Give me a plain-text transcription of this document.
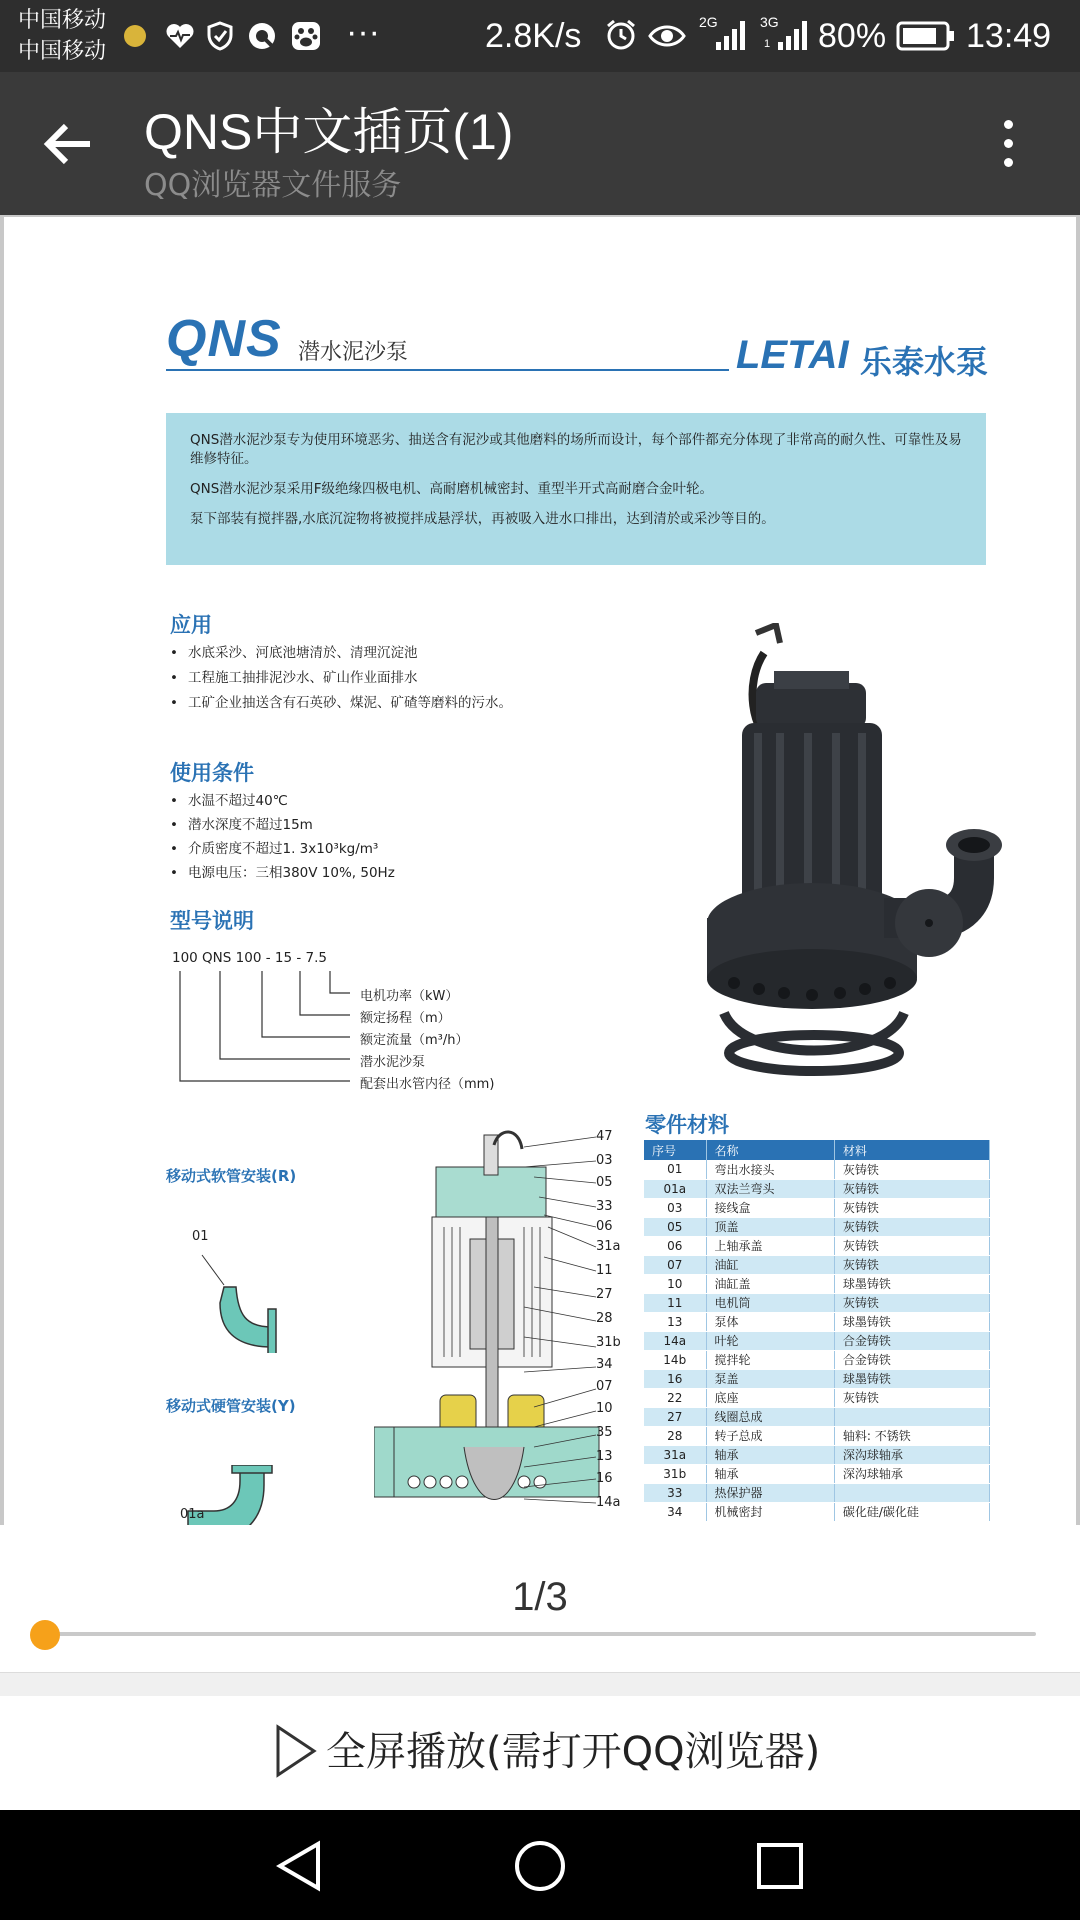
中国移动
中国移动
···	2.8K/s	2G	3G
1 80% 13:49
QNS中文插页(1)
QQ浏览器文件服务
QNS 潜水泥沙泵	LETAI 乐泰水泵

QNS潜水泥沙泵专为使用环境恶劣、抽送含有泥沙或其他磨料的场所而设计，每个部件都充分体现了非常高的耐久性、可靠性及易维修特征。

QNS潜水泥沙泵采用F级绝缘四极电机、高耐磨机械密封、重型半开式高耐磨合金叶轮。

泵下部装有搅拌器,水底沉淀物将被搅拌成悬浮状，再被吸入进水口排出，达到清於或采沙等目的。

应用
• 水底采沙、河底池塘清於、清理沉淀池
• 工程施工抽排泥沙水、矿山作业面排水
• 工矿企业抽送含有石英砂、煤泥、矿碴等磨料的污水。
使用条件
• 水温不超过40℃
• 潜水深度不超过15m
• 介质密度不超过1. 3x10³kg/m³
• 电源电压：三相380V 10%, 50Hz
型号说明
100 QNS 100 - 15 - 7.5
电机功率（kW）
额定扬程（m）
额定流量（m³/h）
潜水泥沙泵
配套出水管内径（mm)
移动式软管安装(R)
01
移动式硬管安装(Y)
01a
47
03
05
33
06
31a
11
27
28
31b
34
07
10
35
13
16
14a
零件材料
序号	名称	材料
01	弯出水接头	灰铸铁
01a	双法兰弯头	灰铸铁
03	接线盒	灰铸铁
05	顶盖	灰铸铁
06	上轴承盖	灰铸铁
07	油缸	灰铸铁
10	油缸盖	球墨铸铁
11	电机筒	灰铸铁
13	泵体	球墨铸铁
14a	叶轮	合金铸铁
14b	搅拌轮	合金铸铁
16	泵盖	球墨铸铁
22	底座	灰铸铁
27	线圈总成	
28	转子总成	轴料: 不锈铁
31a	轴承	深沟球轴承
31b	轴承	深沟球轴承
33	热保护器	
34	机械密封	碳化硅/碳化硅
1/3
全屏播放(需打开QQ浏览器)
